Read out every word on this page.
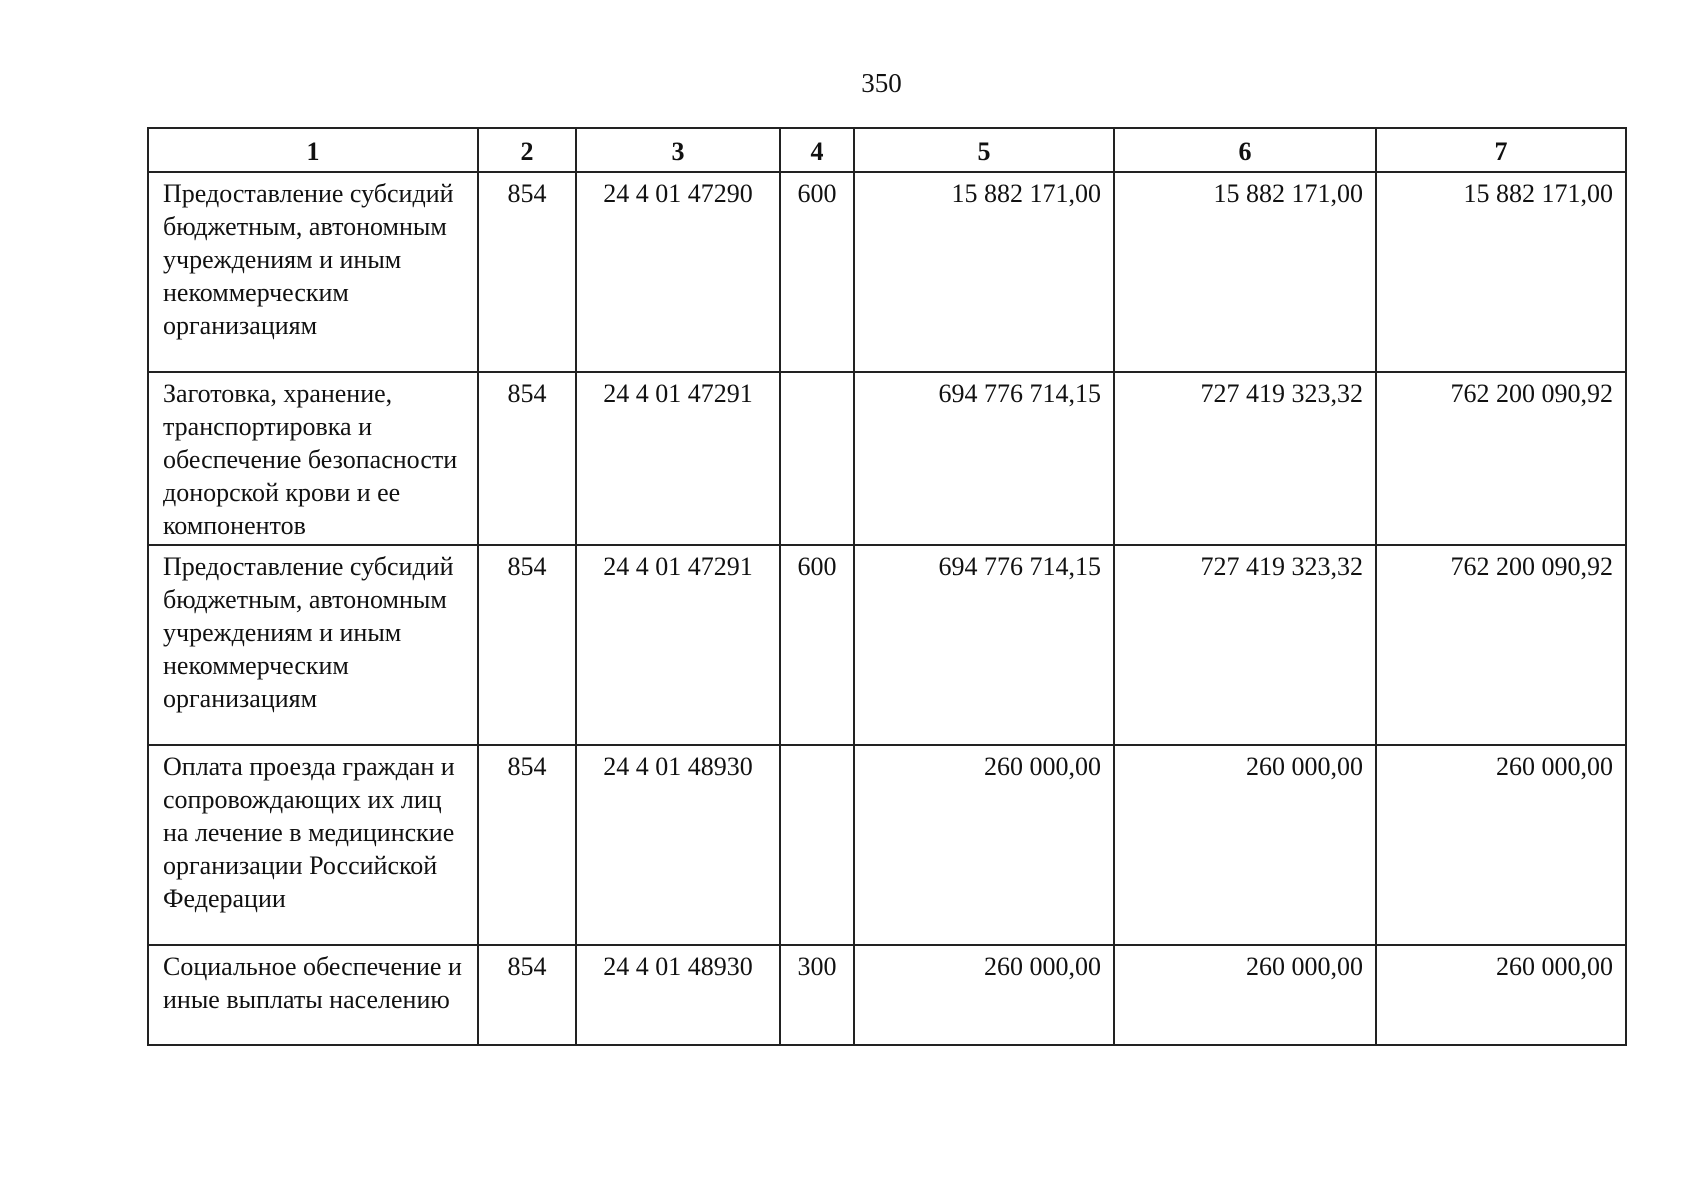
350
1	2	3	4	5	6	7
Предоставление субсидий бюджетным, автономным учреждениям и иным некоммерческим организациям	854	24 4 01 47290	600	15 882 171,00	15 882 171,00	15 882 171,00
Заготовка, хранение, транспортировка и обеспечение безопасности донорской крови и ее компонентов	854	24 4 01 47291		694 776 714,15	727 419 323,32	762 200 090,92
Предоставление субсидий бюджетным, автономным учреждениям и иным некоммерческим организациям	854	24 4 01 47291	600	694 776 714,15	727 419 323,32	762 200 090,92
Оплата проезда граждан и сопровождающих их лиц на лечение в медицинские организации Российской Федерации	854	24 4 01 48930		260 000,00	260 000,00	260 000,00
Социальное обеспечение и иные выплаты населению	854	24 4 01 48930	300	260 000,00	260 000,00	260 000,00
